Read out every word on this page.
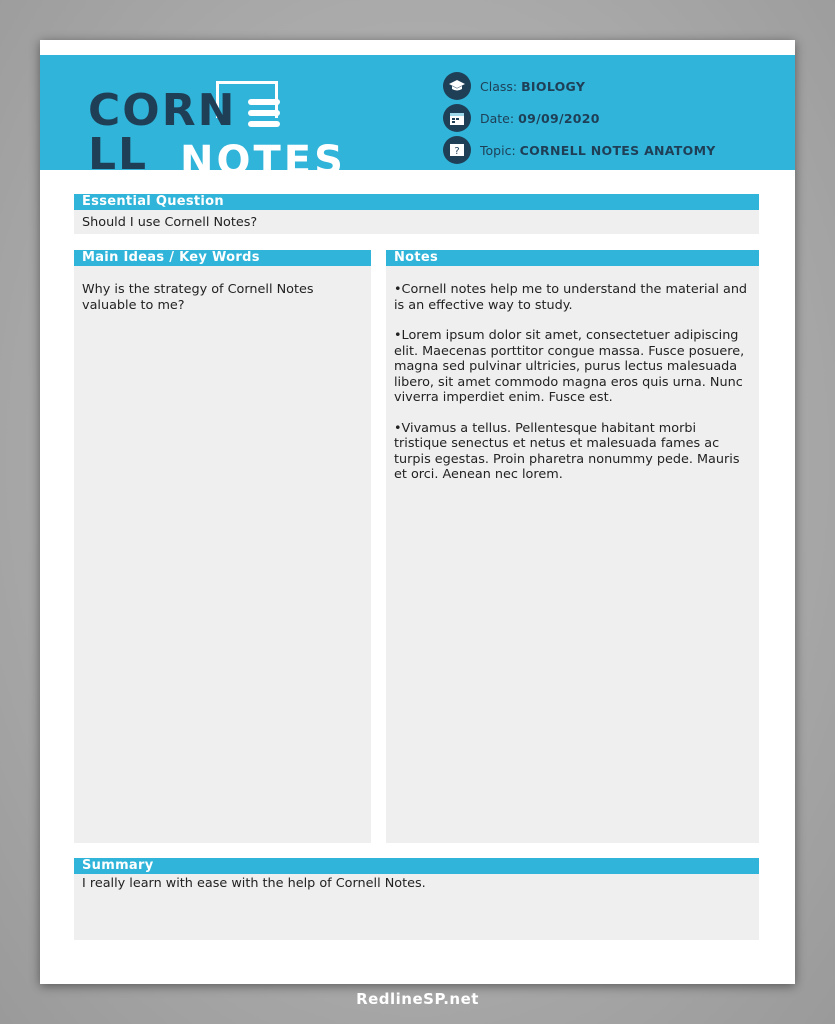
CORN
LL NOTES
Class: BIOLOGY
Date: 09/09/2020
? Topic: CORNELL NOTES ANATOMY
Essential Question
Should I use Cornell Notes?
Main Ideas / Key Words
Why is the strategy of Cornell Notes valuable to me?
Notes

•Cornell notes help me to understand the material and is an effective way to study.

•Lorem ipsum dolor sit amet, consectetuer adipiscing elit. Maecenas porttitor congue massa. Fusce posuere, magna sed pulvinar ultricies, purus lectus malesuada libero, sit amet commodo magna eros quis urna. Nunc viverra imperdiet enim. Fusce est.

•Vivamus a tellus. Pellentesque habitant morbi tristique senectus et netus et malesuada fames ac turpis egestas. Proin pharetra nonummy pede. Mauris et orci. Aenean nec lorem.

Summary
I really learn with ease with the help of Cornell Notes.
RedlineSP.net
